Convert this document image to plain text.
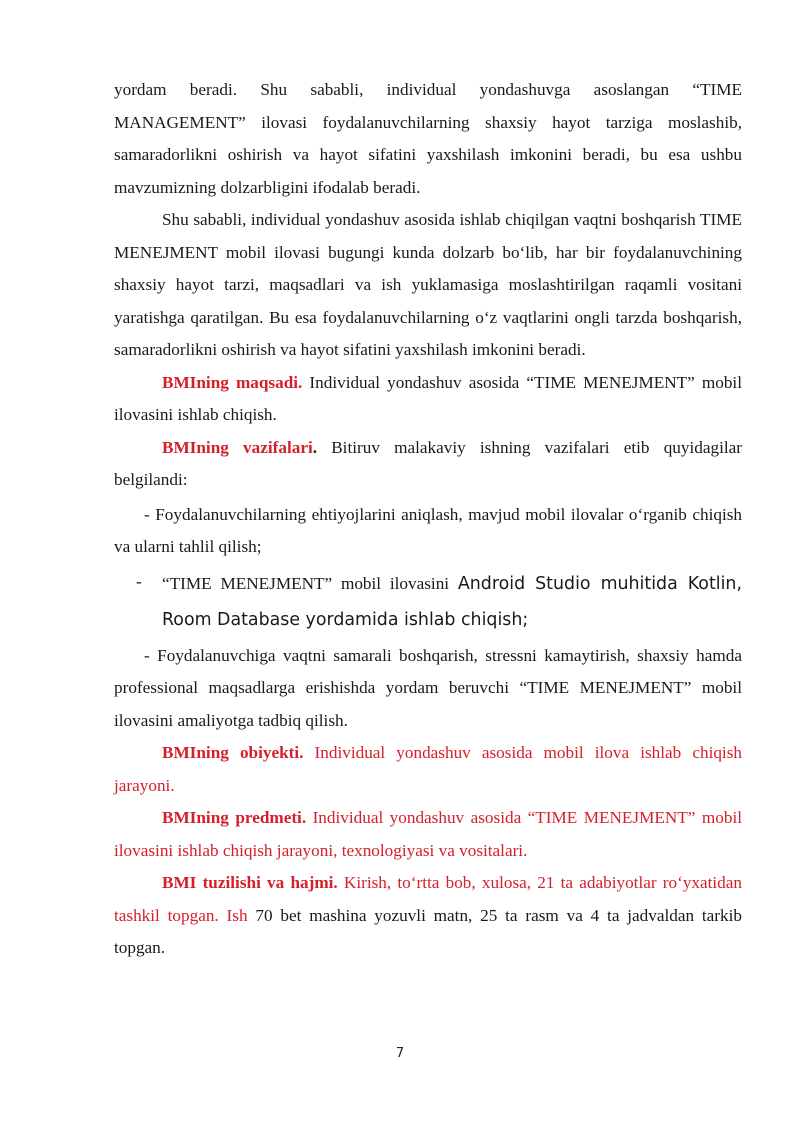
yordam beradi. Shu sababli, individual yondashuvga asoslangan “TIME MANAGEMENT” ilovasi foydalanuvchilarning shaxsiy hayot tarziga moslashib, samaradorlikni oshirish va hayot sifatini yaxshilash imkonini beradi, bu esa ushbu mavzumizning dolzarbligini ifodalab beradi.

Shu sababli, individual yondashuv asosida ishlab chiqilgan vaqtni boshqarish TIME MENEJMENT mobil ilovasi bugungi kunda dolzarb bo‘lib, har bir foydalanuvchining shaxsiy hayot tarzi, maqsadlari va ish yuklamasiga moslashtirilgan raqamli vositani yaratishga qaratilgan. Bu esa foydalanuvchilarning o‘z vaqtlarini ongli tarzda boshqarish, samaradorlikni oshirish va hayot sifatini yaxshilash imkonini beradi.

BMIning maqsadi. Individual yondashuv asosida “TIME MENEJMENT” mobil ilovasini ishlab chiqish.

BMIning vazifalari. Bitiruv malakaviy ishning vazifalari etib quyidagilar belgilandi:

- Foydalanuvchilarning ehtiyojlarini aniqlash, mavjud mobil ilovalar o‘rganib chiqish va ularni tahlil qilish;
- “TIME MENEJMENT” mobil ilovasini Android Studio muhitida Kotlin, Room Database yordamida ishlab chiqish;
- Foydalanuvchiga vaqtni samarali boshqarish, stressni kamaytirish, shaxsiy hamda professional maqsadlarga erishishda yordam beruvchi “TIME MENEJMENT” mobil ilovasini amaliyotga tadbiq qilish.

BMIning obiyekti. Individual yondashuv asosida mobil ilova ishlab chiqish jarayoni.

BMIning predmeti. Individual yondashuv asosida “TIME MENEJMENT” mobil ilovasini ishlab chiqish jarayoni, texnologiyasi va vositalari.

BMI tuzilishi va hajmi. Kirish, to‘rtta bob, xulosa, 21 ta adabiyotlar ro‘yxatidan tashkil topgan. Ish 70 bet mashina yozuvli matn, 25 ta rasm va 4 ta jadvaldan tarkib topgan.

7
